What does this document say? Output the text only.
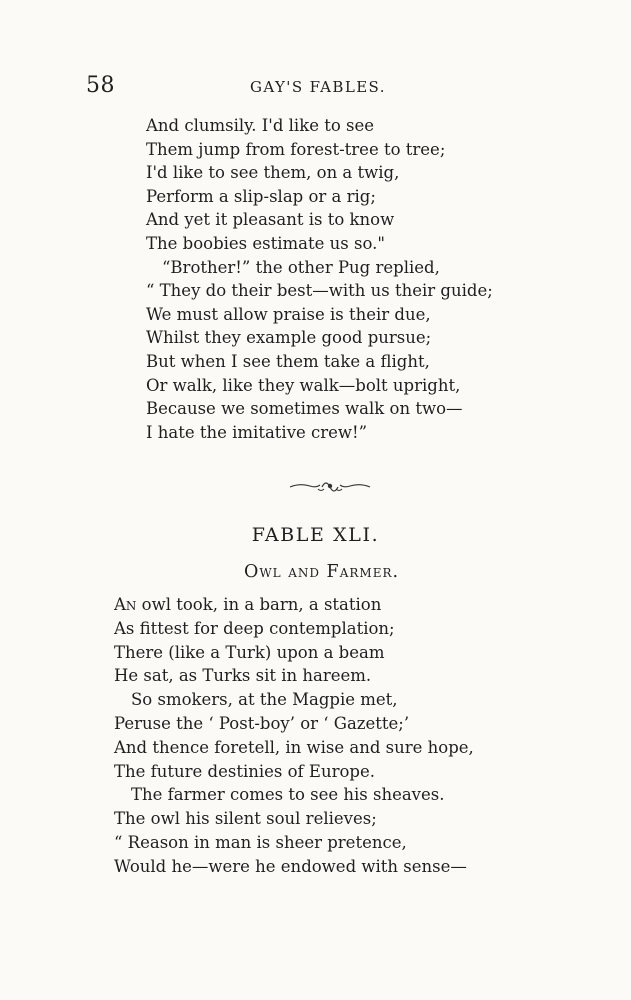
58	GAY'S FABLES.
And clumsily. I'd like to see
Them jump from forest-tree to tree;
I'd like to see them, on a twig,
Perform a slip-slap or a rig;
And yet it pleasant is to know
The boobies estimate us so."
“Brother!” the other Pug replied,
“ They do their best—with us their guide;
We must allow praise is their due,
Whilst they example good pursue;
But when I see them take a flight,
Or walk, like they walk—bolt upright,
Because we sometimes walk on two—
I hate the imitative crew!”
FABLE XLI.
Owl and Farmer.
An owl took, in a barn, a station
As fittest for deep contemplation;
There (like a Turk) upon a beam
He sat, as Turks sit in hareem.
So smokers, at the Magpie met,
Peruse the ‘ Post-boy’ or ‘ Gazette;’
And thence foretell, in wise and sure hope,
The future destinies of Europe.
The farmer comes to see his sheaves.
The owl his silent soul relieves;
“ Reason in man is sheer pretence,
Would he—were he endowed with sense—
